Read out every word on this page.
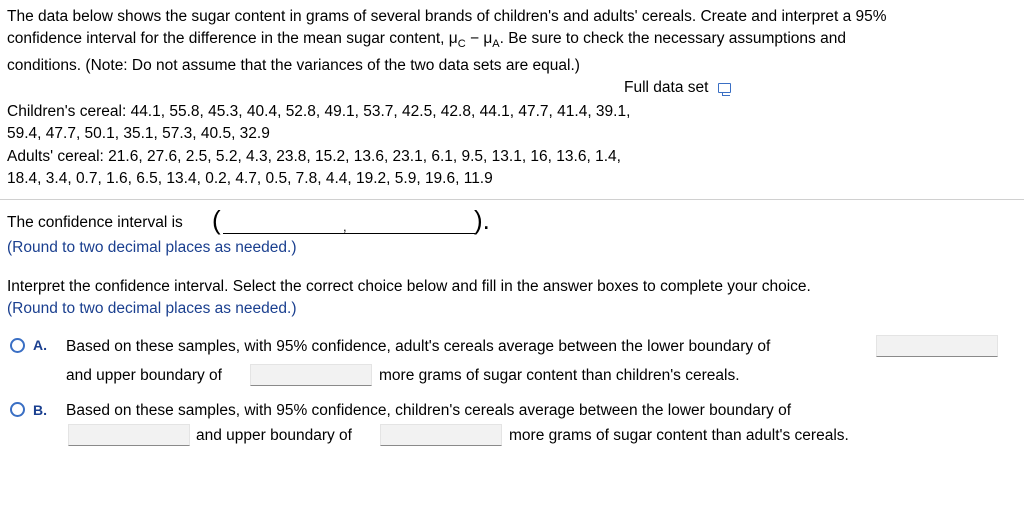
The data below shows the sugar content in grams of several brands of children's and adults' cereals. Create and interpret a 95%
confidence interval for the difference in the mean sugar content, $\mu_C - \mu_A$. Be sure to check the necessary assumptions and
conditions. (Note: Do not assume that the variances of the two data sets are equal.)
Full data set
Children's cereal: 44.1, 55.8, 45.3, 40.4, 52.8, 49.1, 53.7, 42.5, 42.8, 44.1, 47.7, 41.4, 39.1,
59.4, 47.7, 50.1, 35.1, 57.3, 40.5, 32.9
Adults' cereal: 21.6, 27.6, 2.5, 5.2, 4.3, 23.8, 15.2, 13.6, 23.1, 6.1, 9.5, 13.1, 16, 13.6, 1.4,
18.4, 3.4, 0.7, 1.6, 6.5, 13.4, 0.2, 4.7, 0.5, 7.8, 4.4, 19.2, 5.9, 19.6, 11.9
The confidence interval is (	,	).
(Round to two decimal places as needed.)
Interpret the confidence interval. Select the correct choice below and fill in the answer boxes to complete your choice.
(Round to two decimal places as needed.)
A. Based on these samples, with 95% confidence, adult's cereals average between the lower boundary of
and upper boundary of	more grams of sugar content than children's cereals.
B. Based on these samples, with 95% confidence, children's cereals average between the lower boundary of
and upper boundary of	more grams of sugar content than adult's cereals.
